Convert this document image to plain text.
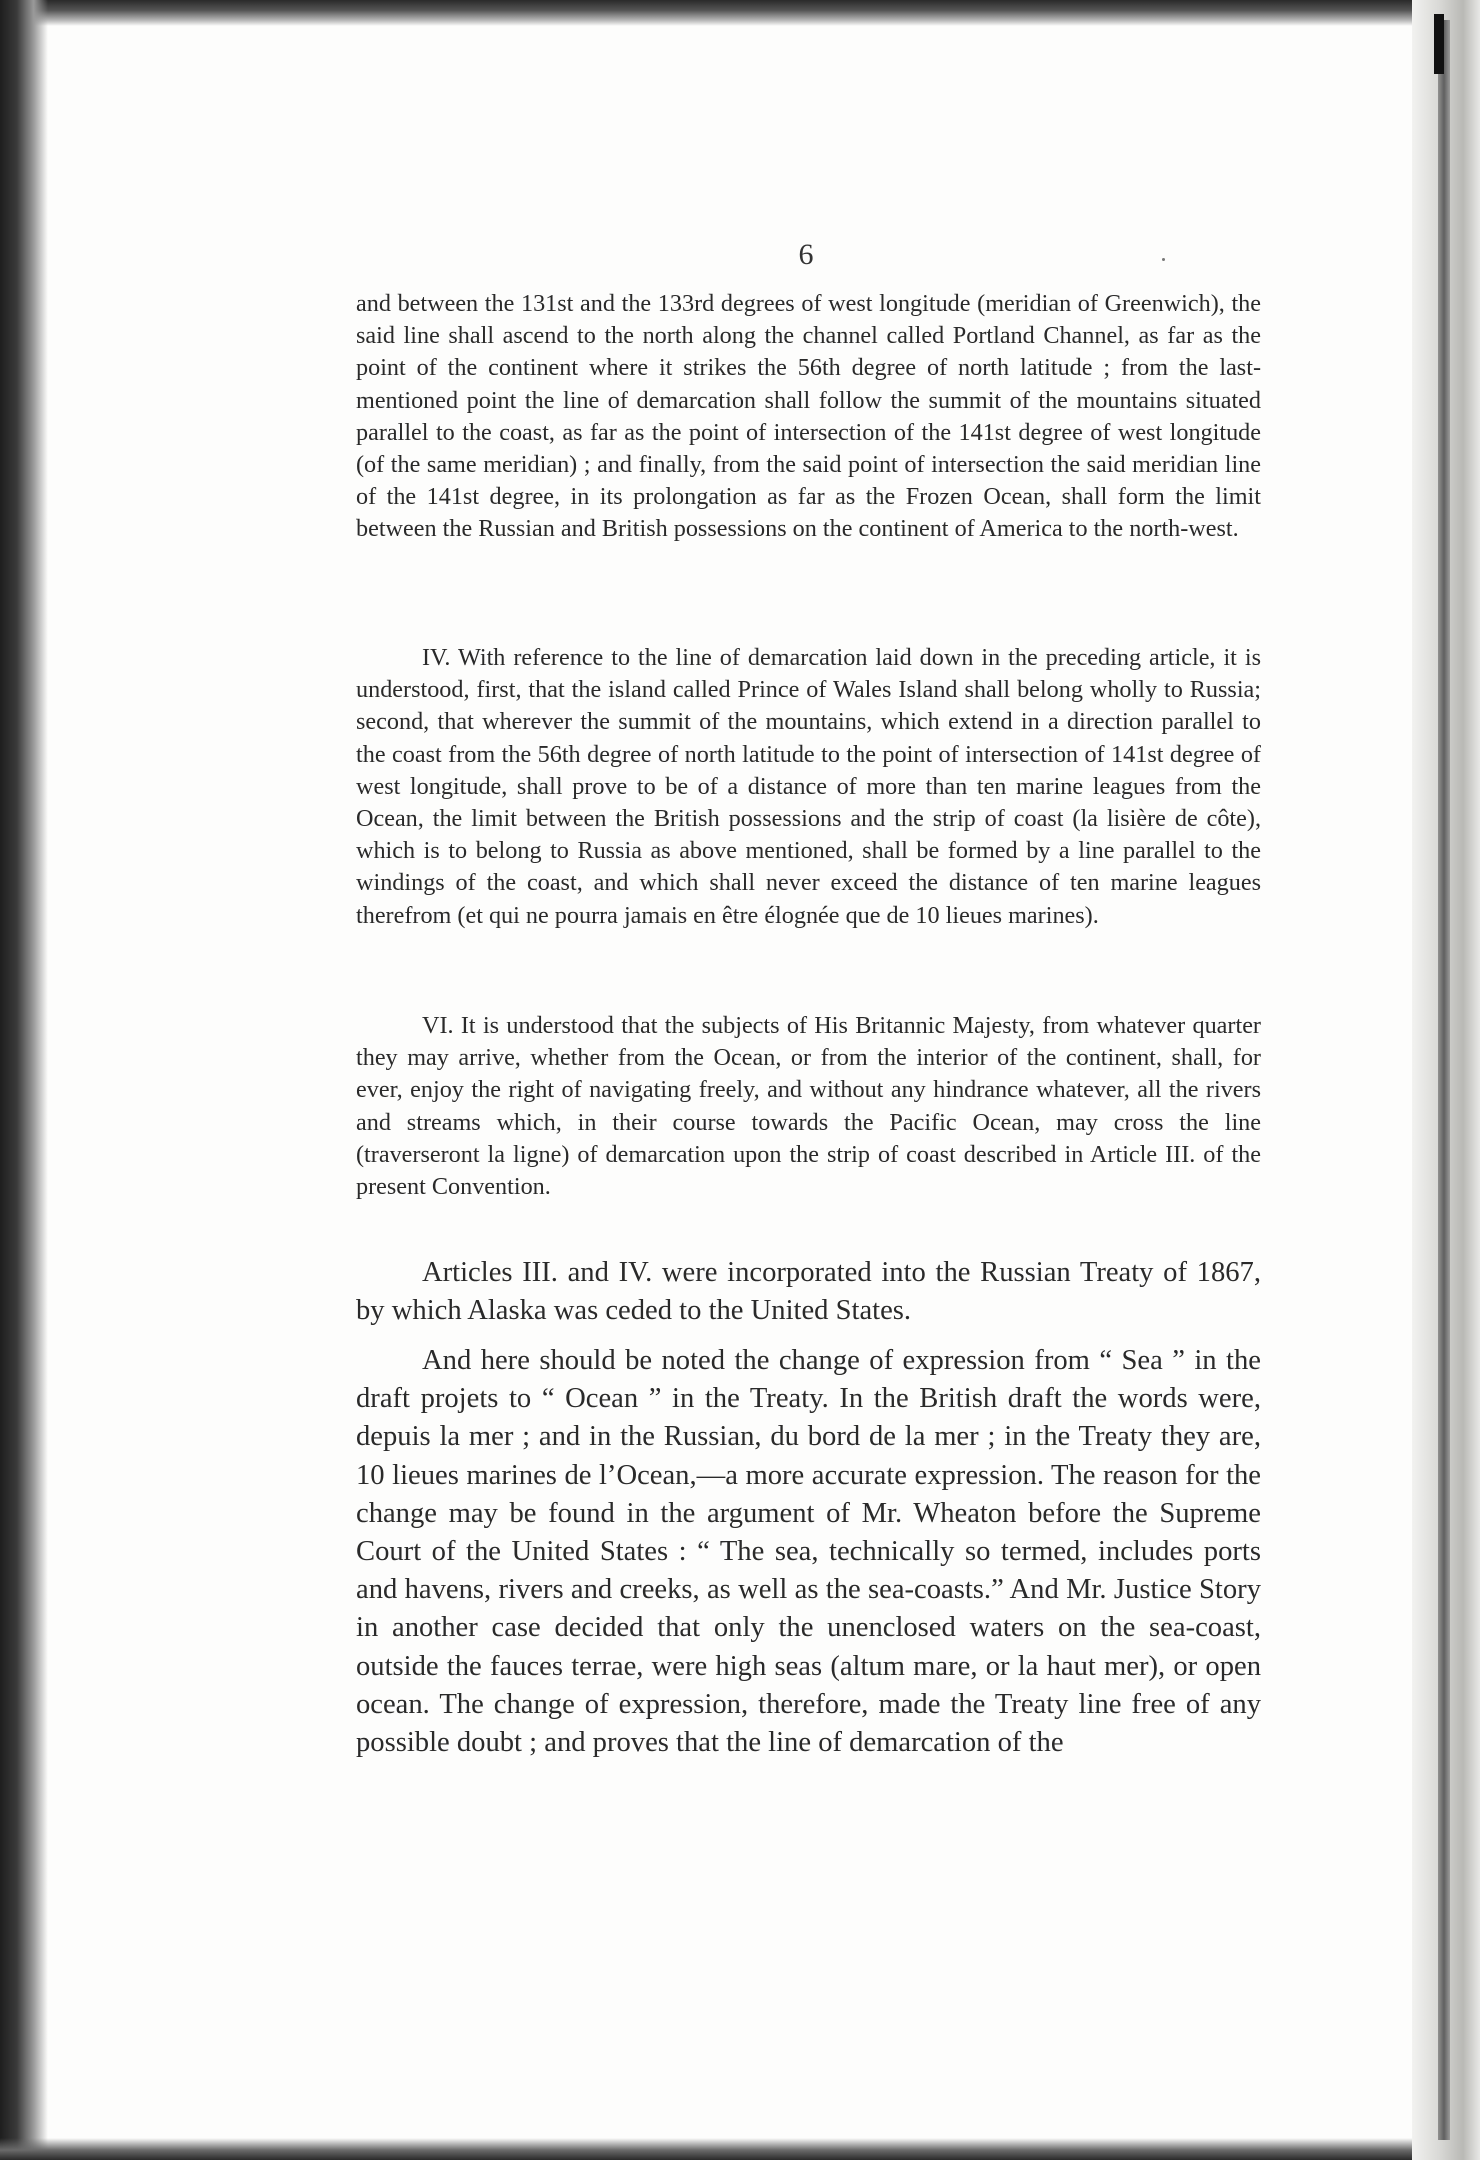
6

and between the 131st and the 133rd degrees of west longitude (meridian of Greenwich), the said line shall ascend to the north along the channel called Portland Channel, as far as the point of the continent where it strikes the 56th degree of north latitude ; from the last-mentioned point the line of demarcation shall follow the summit of the mountains situated parallel to the coast, as far as the point of intersection of the 141st degree of west longitude (of the same meridian) ; and finally, from the said point of intersection the said meridian line of the 141st degree, in its prolongation as far as the Frozen Ocean, shall form the limit between the Russian and British possessions on the continent of America to the north-west.

IV. With reference to the line of demarcation laid down in the preceding article, it is understood, first, that the island called Prince of Wales Island shall belong wholly to Russia; second, that wherever the summit of the mountains, which extend in a direction parallel to the coast from the 56th degree of north latitude to the point of intersection of 141st degree of west longitude, shall prove to be of a distance of more than ten marine leagues from the Ocean, the limit between the British possessions and the strip of coast (la lisière de côte), which is to belong to Russia as above mentioned, shall be formed by a line parallel to the windings of the coast, and which shall never exceed the distance of ten marine leagues therefrom (et qui ne pourra jamais en être élognée que de 10 lieues marines).

VI. It is understood that the subjects of His Britannic Majesty, from whatever quarter they may arrive, whether from the Ocean, or from the interior of the continent, shall, for ever, enjoy the right of navigating freely, and without any hindrance whatever, all the rivers and streams which, in their course towards the Pacific Ocean, may cross the line (traverseront la ligne) of demarcation upon the strip of coast described in Article III. of the present Convention.

Articles III. and IV. were incorporated into the Russian Treaty of 1867, by which Alaska was ceded to the United States.

And here should be noted the change of expression from “ Sea ” in the draft projets to “ Ocean ” in the Treaty. In the British draft the words were, depuis la mer ; and in the Russian, du bord de la mer ; in the Treaty they are, 10 lieues marines de l’Ocean,—a more accurate expression. The reason for the change may be found in the argument of Mr. Wheaton before the Supreme Court of the United States : “ The sea, technically so termed, includes ports and havens, rivers and creeks, as well as the sea-coasts.” And Mr. Justice Story in another case decided that only the unenclosed waters on the sea-coast, outside the fauces terrae, were high seas (altum mare, or la haut mer), or open ocean. The change of expression, therefore, made the Treaty line free of any possible doubt ; and proves that the line of demarcation of the
